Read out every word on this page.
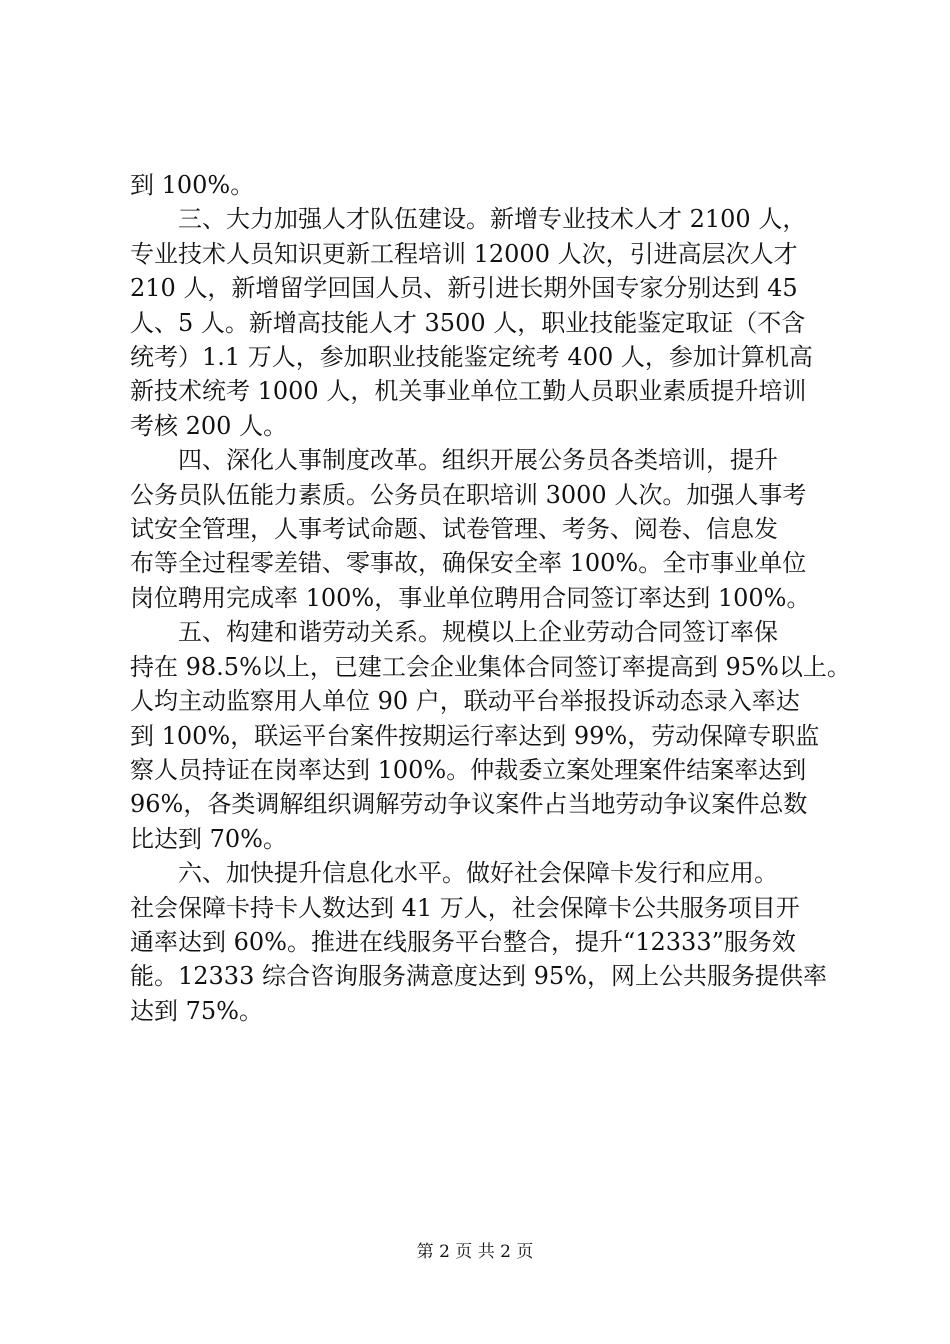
到 100%。

三、大力加强人才队伍建设。新增专业技术人才 2100 人，

专业技术人员知识更新工程培训 12000 人次，引进高层次人才

210 人，新增留学回国人员、新引进长期外国专家分别达到 45

人、5 人。新增高技能人才 3500 人，职业技能鉴定取证（不含

统考）1.1 万人，参加职业技能鉴定统考 400 人，参加计算机高

新技术统考 1000 人，机关事业单位工勤人员职业素质提升培训

考核 200 人。

四、深化人事制度改革。组织开展公务员各类培训，提升

公务员队伍能力素质。公务员在职培训 3000 人次。加强人事考

试安全管理，人事考试命题、试卷管理、考务、阅卷、信息发

布等全过程零差错、零事故，确保安全率 100%。全市事业单位

岗位聘用完成率 100%，事业单位聘用合同签订率达到 100%。

五、构建和谐劳动关系。规模以上企业劳动合同签订率保

持在 98.5%以上，已建工会企业集体合同签订率提高到 95%以上。

人均主动监察用人单位 90 户，联动平台举报投诉动态录入率达

到 100%，联运平台案件按期运行率达到 99%，劳动保障专职监

察人员持证在岗率达到 100%。仲裁委立案处理案件结案率达到

96%，各类调解组织调解劳动争议案件占当地劳动争议案件总数

比达到 70%。

六、加快提升信息化水平。做好社会保障卡发行和应用。

社会保障卡持卡人数达到 41 万人，社会保障卡公共服务项目开

通率达到 60%。推进在线服务平台整合，提升“12333”服务效

能。12333 综合咨询服务满意度达到 95%，网上公共服务提供率

达到 75%。

第 2 页 共 2 页
